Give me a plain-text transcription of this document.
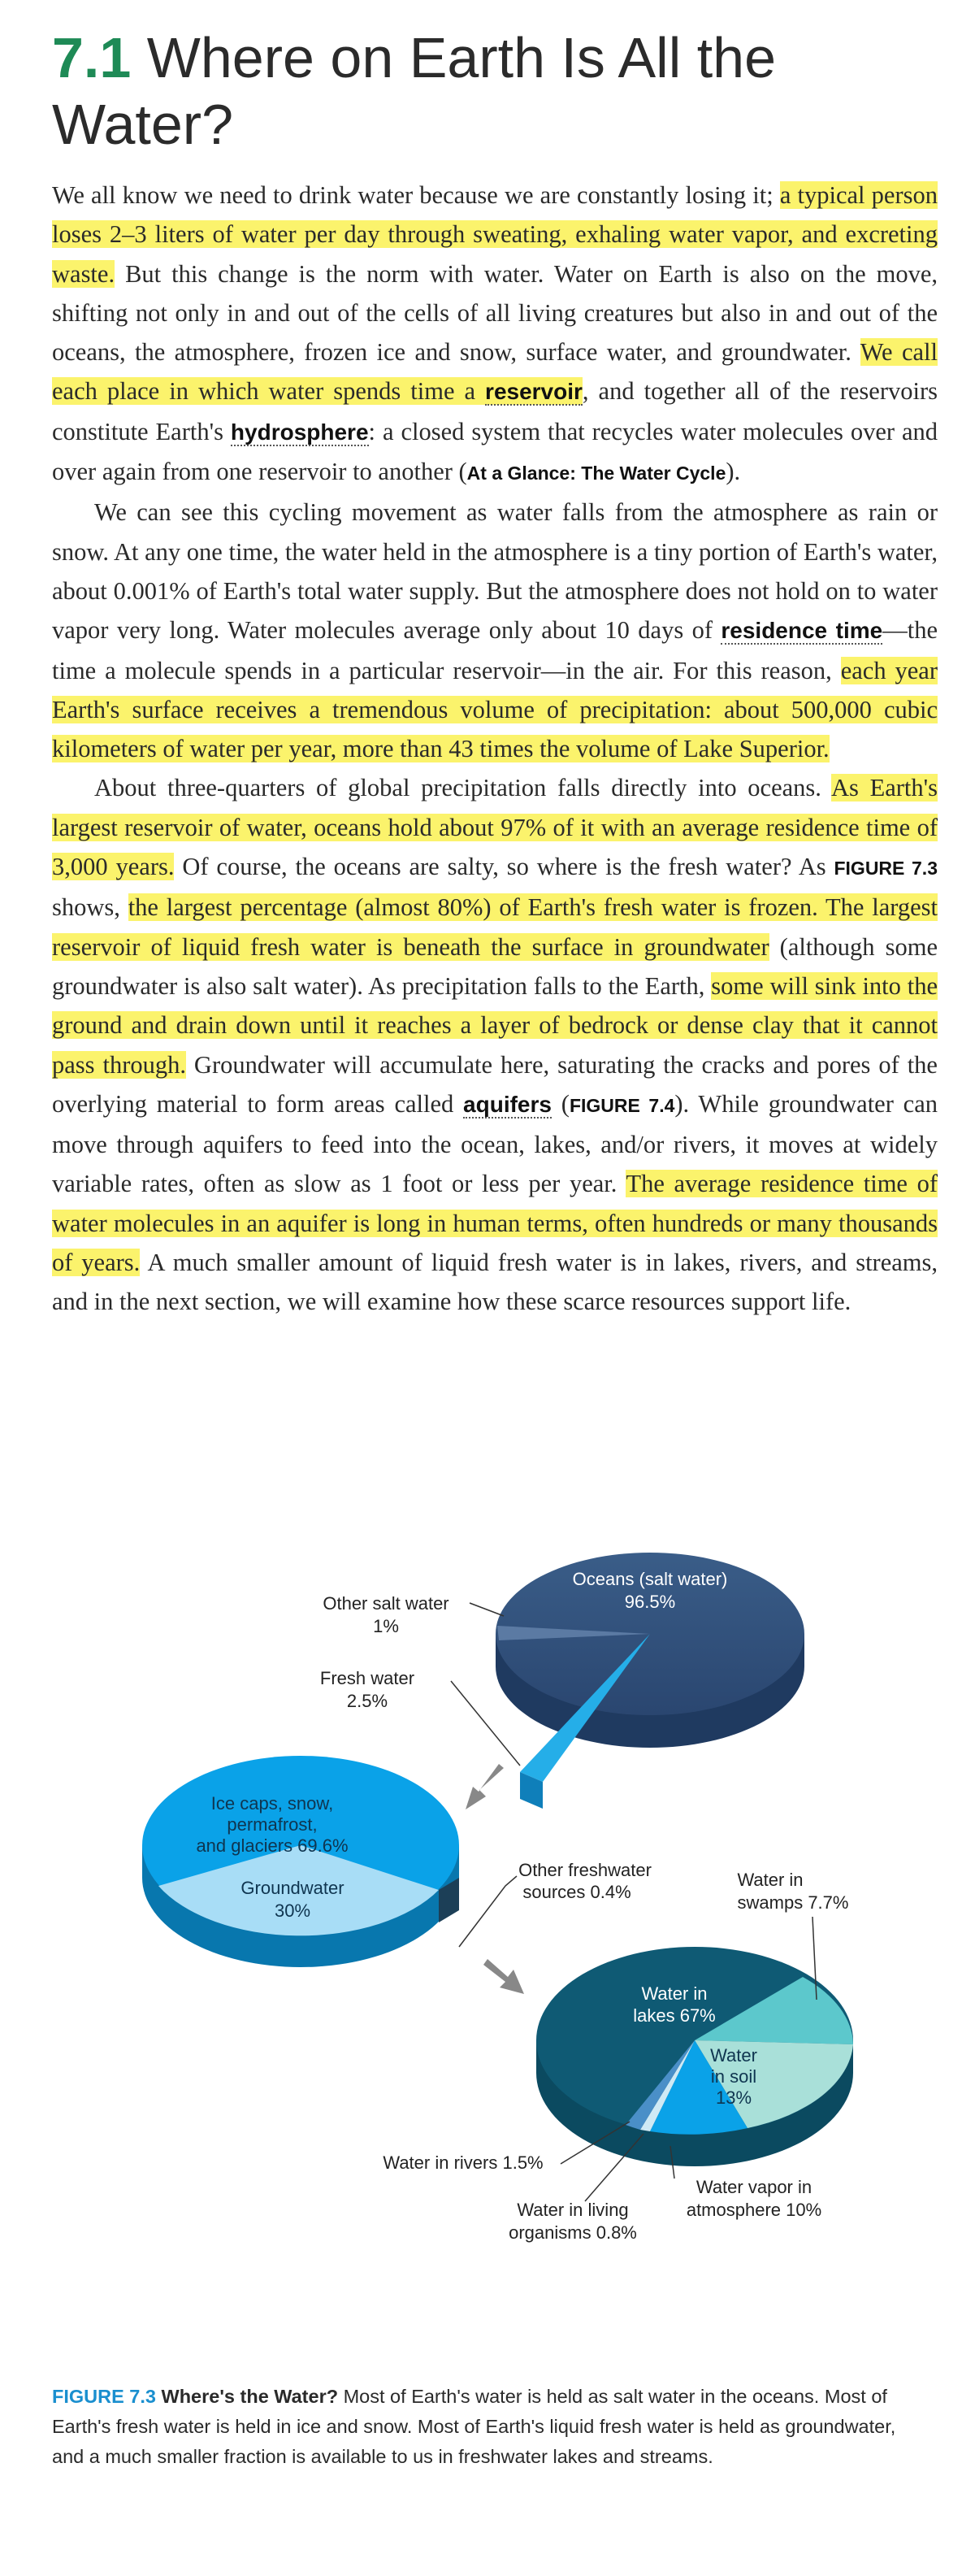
7.1 Where on Earth Is All the
Water?

We all know we need to drink water because we are constantly losing it; a typical person loses 2–3 liters of water per day through sweating, exhaling water vapor, and excreting waste. But this change is the norm with water. Water on Earth is also on the move, shifting not only in and out of the cells of all living creatures but also in and out of the oceans, the atmosphere, frozen ice and snow, surface water, and groundwater. We call each place in which water spends time a reservoir, and together all of the reservoirs constitute Earth's hydrosphere: a closed system that recycles water molecules over and over again from one reservoir to another (At a Glance: The Water Cycle).

We can see this cycling movement as water falls from the atmosphere as rain or snow. At any one time, the water held in the atmosphere is a tiny portion of Earth's water, about 0.001% of Earth's total water supply. But the atmosphere does not hold on to water vapor very long. Water molecules average only about 10 days of residence time—the time a molecule spends in a particular reservoir—in the air. For this reason, each year Earth's surface receives a tremendous volume of precipitation: about 500,000 cubic kilometers of water per year, more than 43 times the volume of Lake Superior.

About three-quarters of global precipitation falls directly into oceans. As Earth's largest reservoir of water, oceans hold about 97% of it with an average residence time of 3,000 years. Of course, the oceans are salty, so where is the fresh water? As FIGURE 7.3 shows, the largest percentage (almost 80%) of Earth's fresh water is frozen. The largest reservoir of liquid fresh water is beneath the surface in groundwater (although some groundwater is also salt water). As precipitation falls to the Earth, some will sink into the ground and drain down until it reaches a layer of bedrock or dense clay that it cannot pass through. Groundwater will accumulate here, saturating the cracks and pores of the overlying material to form areas called aquifers (FIGURE 7.4). While groundwater can move through aquifers to feed into the ocean, lakes, and/or rivers, it moves at widely variable rates, often as slow as 1 foot or less per year. The average residence time of water molecules in an aquifer is long in human terms, often hundreds or many thousands of years. A much smaller amount of liquid fresh water is in lakes, rivers, and streams, and in the next section, we will examine how these scarce resources support life.

Oceans (salt water)
96.5%
Other salt water
1%
Fresh water
2.5%
Ice caps, snow,
permafrost,
and glaciers 69.6%
Groundwater
30%
Other freshwater
sources 0.4%
Water in
lakes 67%
Water
in soil
13%
Water in
swamps 7.7%
Water in rivers 1.5%
Water vapor in
atmosphere 10%
Water in living
organisms 0.8%
FIGURE 7.3 Where's the Water? Most of Earth's water is held as salt water in the oceans. Most of Earth's fresh water is held in ice and snow. Most of Earth's liquid fresh water is held as groundwater, and a much smaller fraction is available to us in freshwater lakes and streams.
